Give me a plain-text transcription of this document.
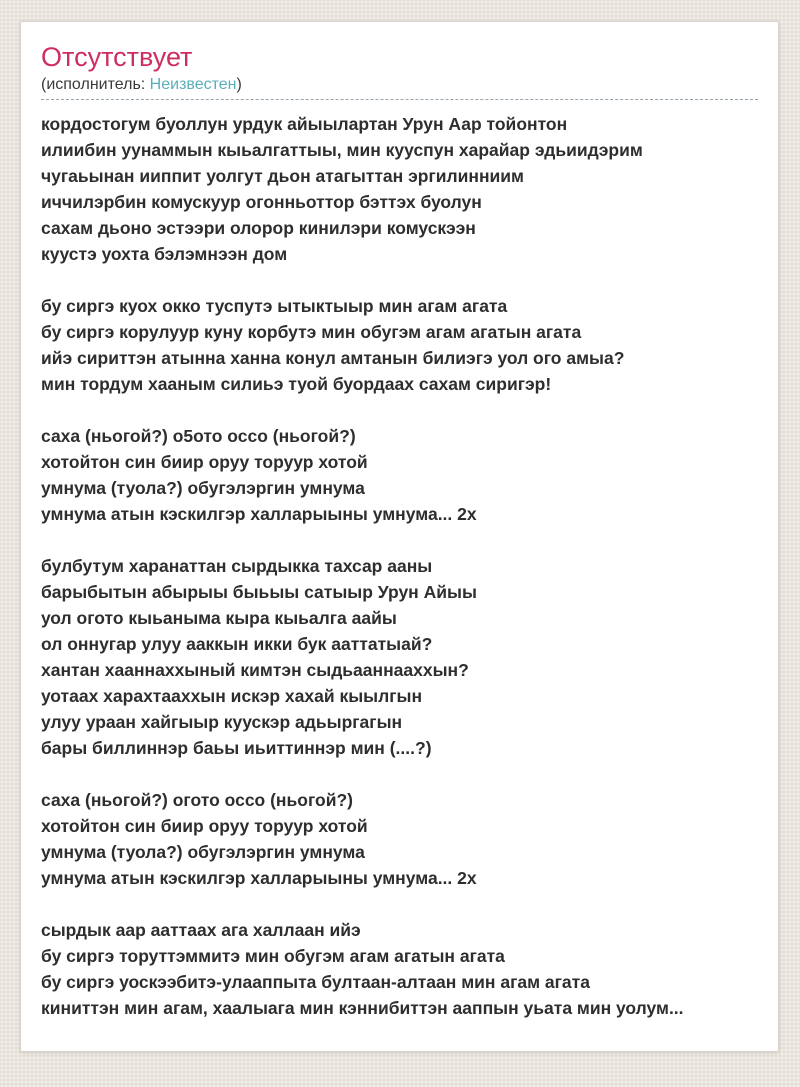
Отсутствует
(исполнитель: Неизвестен)

кордостогум буоллун урдук айыылартан Урун Аар тойонтон
илиибин уунаммын кыьалгаттыы, мин кууспун харайар эдьиидэрим
чугаьынан ииппит уолгут дьон атагыттан эргилинниим
иччилэрбин комускуур огонньоттор бэттэх буолун
сахам дьоно эстээри олорор кинилэри комускээн
куустэ уохта бэлэмнээн дом

бу сиргэ куох окко туспутэ ытыктыыр мин агам агата
бу сиргэ корулуур куну корбутэ мин обугэм агам агатын агата
ийэ сириттэн атынна ханна конул амтанын билиэгэ уол ого амыа?
мин тордум хааным силиьэ туой буордаах сахам сиригэр!

саха (ньогой?) о5ото оссо (ньогой?)
хотойтон син биир оруу торуур хотой
умнума (туола?) обугэлэргин умнума
умнума атын кэскилгэр халларыыны умнума... 2х

булбутум харанаттан сырдыкка тахсар ааны
барыбытын абырыы быьыы сатыыр Урун Айыы
уол огото кыьаныма кыра кыьалга аайы
ол оннугар улуу ааккын икки бук ааттатыай?
хантан хааннаххыный кимтэн сыдьааннааххын?
уотаах харахтааххын искэр хахай кыылгын
улуу ураан хайгыыр куускэр адьыргагын
бары биллиннэр баьы иьиттиннэр мин (....?)

саха (ньогой?) огото оссо (ньогой?)
хотойтон син биир оруу торуур хотой
умнума (туола?) обугэлэргин умнума
умнума атын кэскилгэр халларыыны умнума... 2х

сырдык аар ааттаах ага халлаан ийэ
бу сиргэ торуттэммитэ мин обугэм агам агатын агата
бу сиргэ уоскээбитэ-улааппыта бултаан-алтаан мин агам агата
киниттэн мин агам, хаалыага мин кэннибиттэн ааппын уьата мин уолум...
